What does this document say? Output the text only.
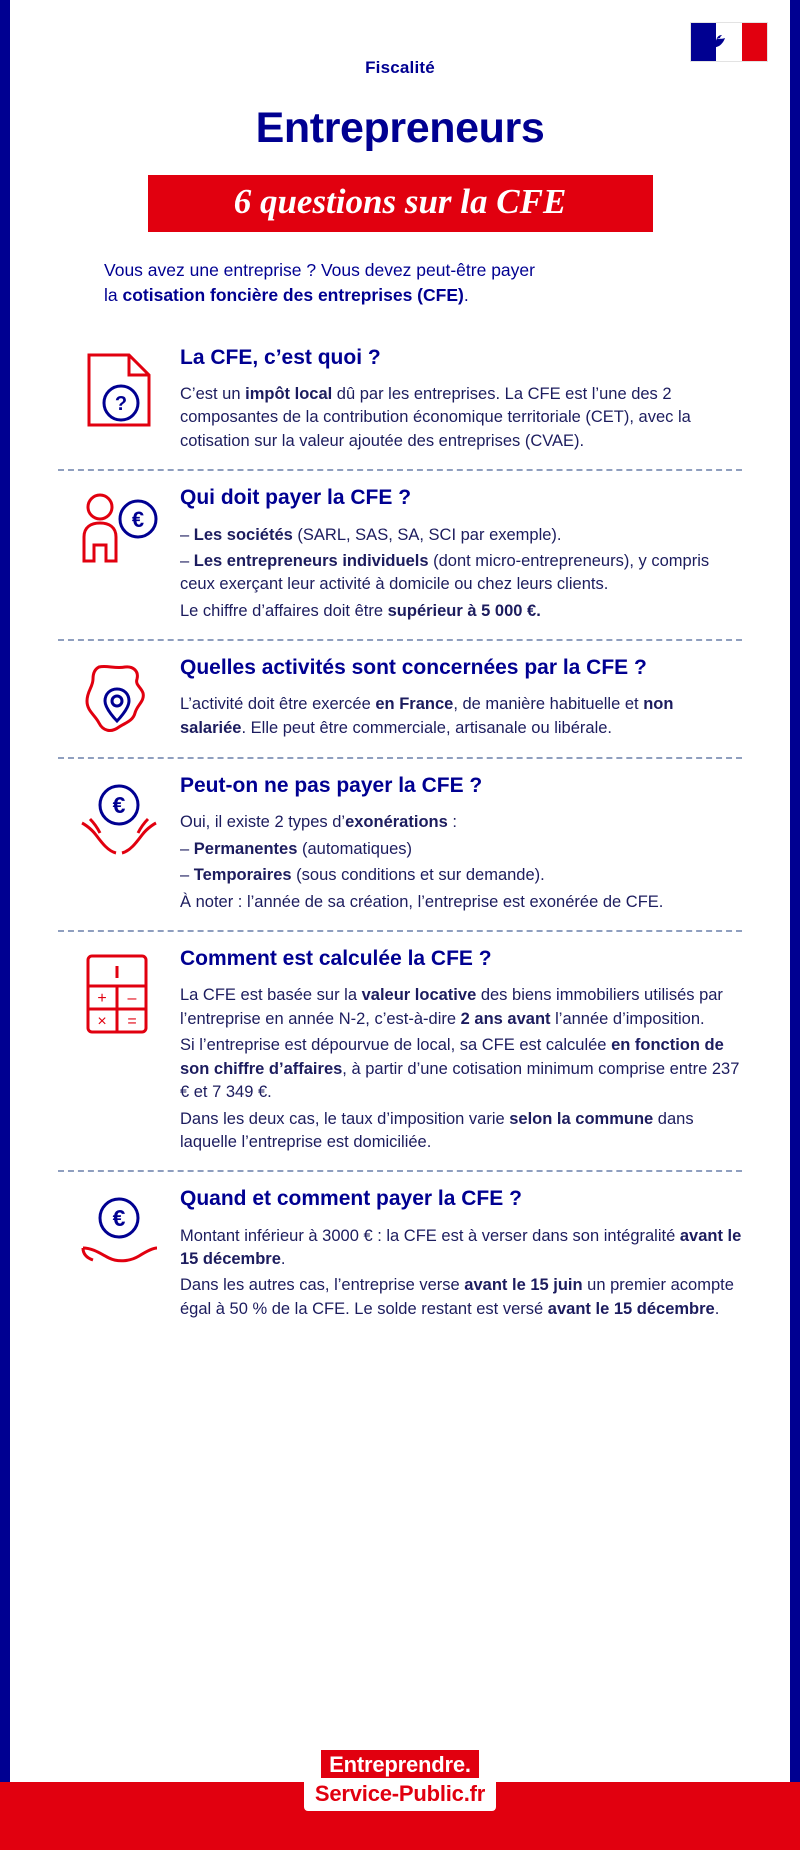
Fiscalité
Entrepreneurs
6 questions sur la CFE
Vous avez une entreprise ? Vous devez peut-être payer
la cotisation foncière des entreprises (CFE).
?
La CFE, c’est quoi ?

C’est un impôt local dû par les entreprises. La CFE est l’une des 2 composantes de la contribution économique territoriale (CET), avec la cotisation sur la valeur ajoutée des entreprises (CVAE).

€
Qui doit payer la CFE ?

– Les sociétés (SARL, SAS, SA, SCI par exemple).

– Les entrepreneurs individuels (dont micro-entrepreneurs), y compris ceux exerçant leur activité à domicile ou chez leurs clients.

Le chiffre d’affaires doit être supérieur à 5 000 €.

Quelles activités sont concernées par la CFE ?

L’activité doit être exercée en France, de manière habituelle et non salariée. Elle peut être commerciale, artisanale ou libérale.

€
Peut-on ne pas payer la CFE ?

Oui, il existe 2 types d’exonérations :

– Permanentes (automatiques)

– Temporaires (sous conditions et sur demande).

À noter : l’année de sa création, l’entreprise est exonérée de CFE.

+ –
× =
Comment est calculée la CFE ?

La CFE est basée sur la valeur locative des biens immobiliers utilisés par l’entreprise en année N-2, c’est-à-dire 2 ans avant l’année d’imposition.

Si l’entreprise est dépourvue de local, sa CFE est calculée en fonction de son chiffre d’affaires, à partir d’une cotisation minimum comprise entre 237 € et 7 349 €.

Dans les deux cas, le taux d’imposition varie selon la commune dans laquelle l’entreprise est domiciliée.

€
Quand et comment payer la CFE ?

Montant inférieur à 3000 € : la CFE est à verser dans son intégralité avant le 15 décembre.

Dans les autres cas, l’entreprise verse avant le 15 juin un premier acompte égal à 50 % de la CFE. Le solde restant est versé avant le 15 décembre.

Entreprendre.
Service-Public.fr
